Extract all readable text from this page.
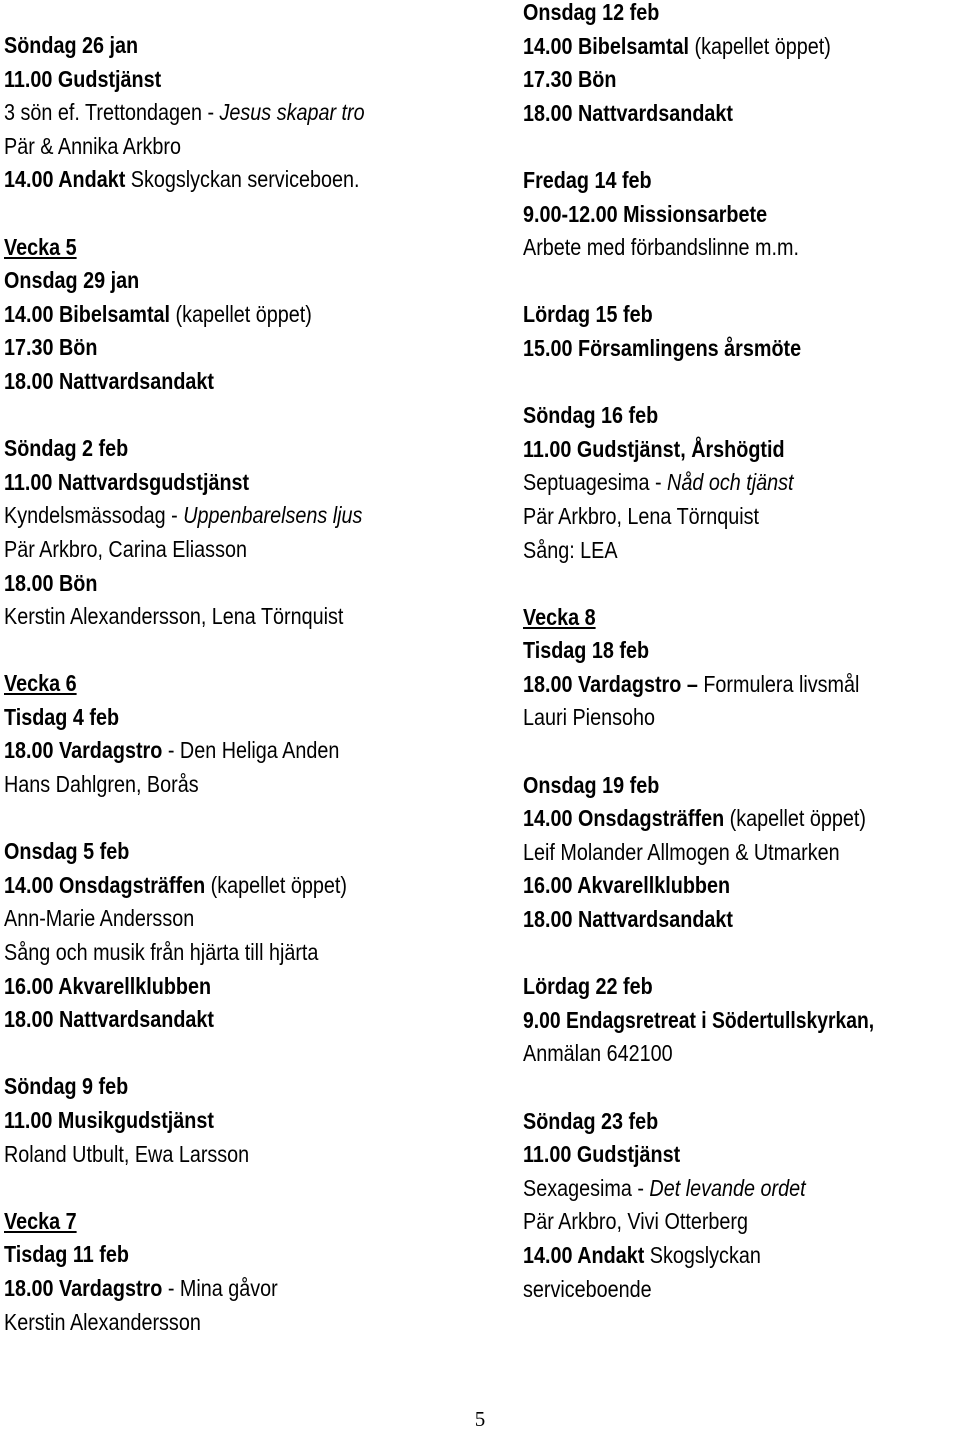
Söndag 26 jan
11.00 Gudstjänst
3 sön ef. Trettondagen - Jesus skapar tro
Pär & Annika Arkbro
14.00 Andakt Skogslyckan serviceboen.
Vecka 5
Onsdag 29 jan
14.00 Bibelsamtal (kapellet öppet)
17.30 Bön
18.00 Nattvardsandakt
Söndag 2 feb
11.00 Nattvardsgudstjänst
Kyndelsmässodag - Uppenbarelsens ljus
Pär Arkbro, Carina Eliasson
18.00 Bön
Kerstin Alexandersson, Lena Törnquist
Vecka 6
Tisdag 4 feb
18.00 Vardagstro - Den Heliga Anden
Hans Dahlgren, Borås
Onsdag 5 feb
14.00 Onsdagsträffen (kapellet öppet)
Ann-Marie Andersson
Sång och musik från hjärta till hjärta
16.00 Akvarellklubben
18.00 Nattvardsandakt
Söndag 9 feb
11.00 Musikgudstjänst
Roland Utbult, Ewa Larsson
Vecka 7
Tisdag 11 feb
18.00 Vardagstro - Mina gåvor
Kerstin Alexandersson
Onsdag 12 feb
14.00 Bibelsamtal (kapellet öppet)
17.30 Bön
18.00 Nattvardsandakt
Fredag 14 feb
9.00-12.00 Missionsarbete
Arbete med förbandslinne m.m.
Lördag 15 feb
15.00 Församlingens årsmöte
Söndag 16 feb
11.00 Gudstjänst, Årshögtid
Septuagesima - Nåd och tjänst
Pär Arkbro, Lena Törnquist
Sång: LEA
Vecka 8
Tisdag 18 feb
18.00 Vardagstro – Formulera livsmål
Lauri Piensoho
Onsdag 19 feb
14.00 Onsdagsträffen (kapellet öppet)
Leif Molander Allmogen & Utmarken
16.00 Akvarellklubben
18.00 Nattvardsandakt
Lördag 22 feb
9.00 Endagsretreat i Södertullskyrkan,
Anmälan 642100
Söndag 23 feb
11.00 Gudstjänst
Sexagesima - Det levande ordet
Pär Arkbro, Vivi Otterberg
14.00 Andakt Skogslyckan
serviceboende
5
